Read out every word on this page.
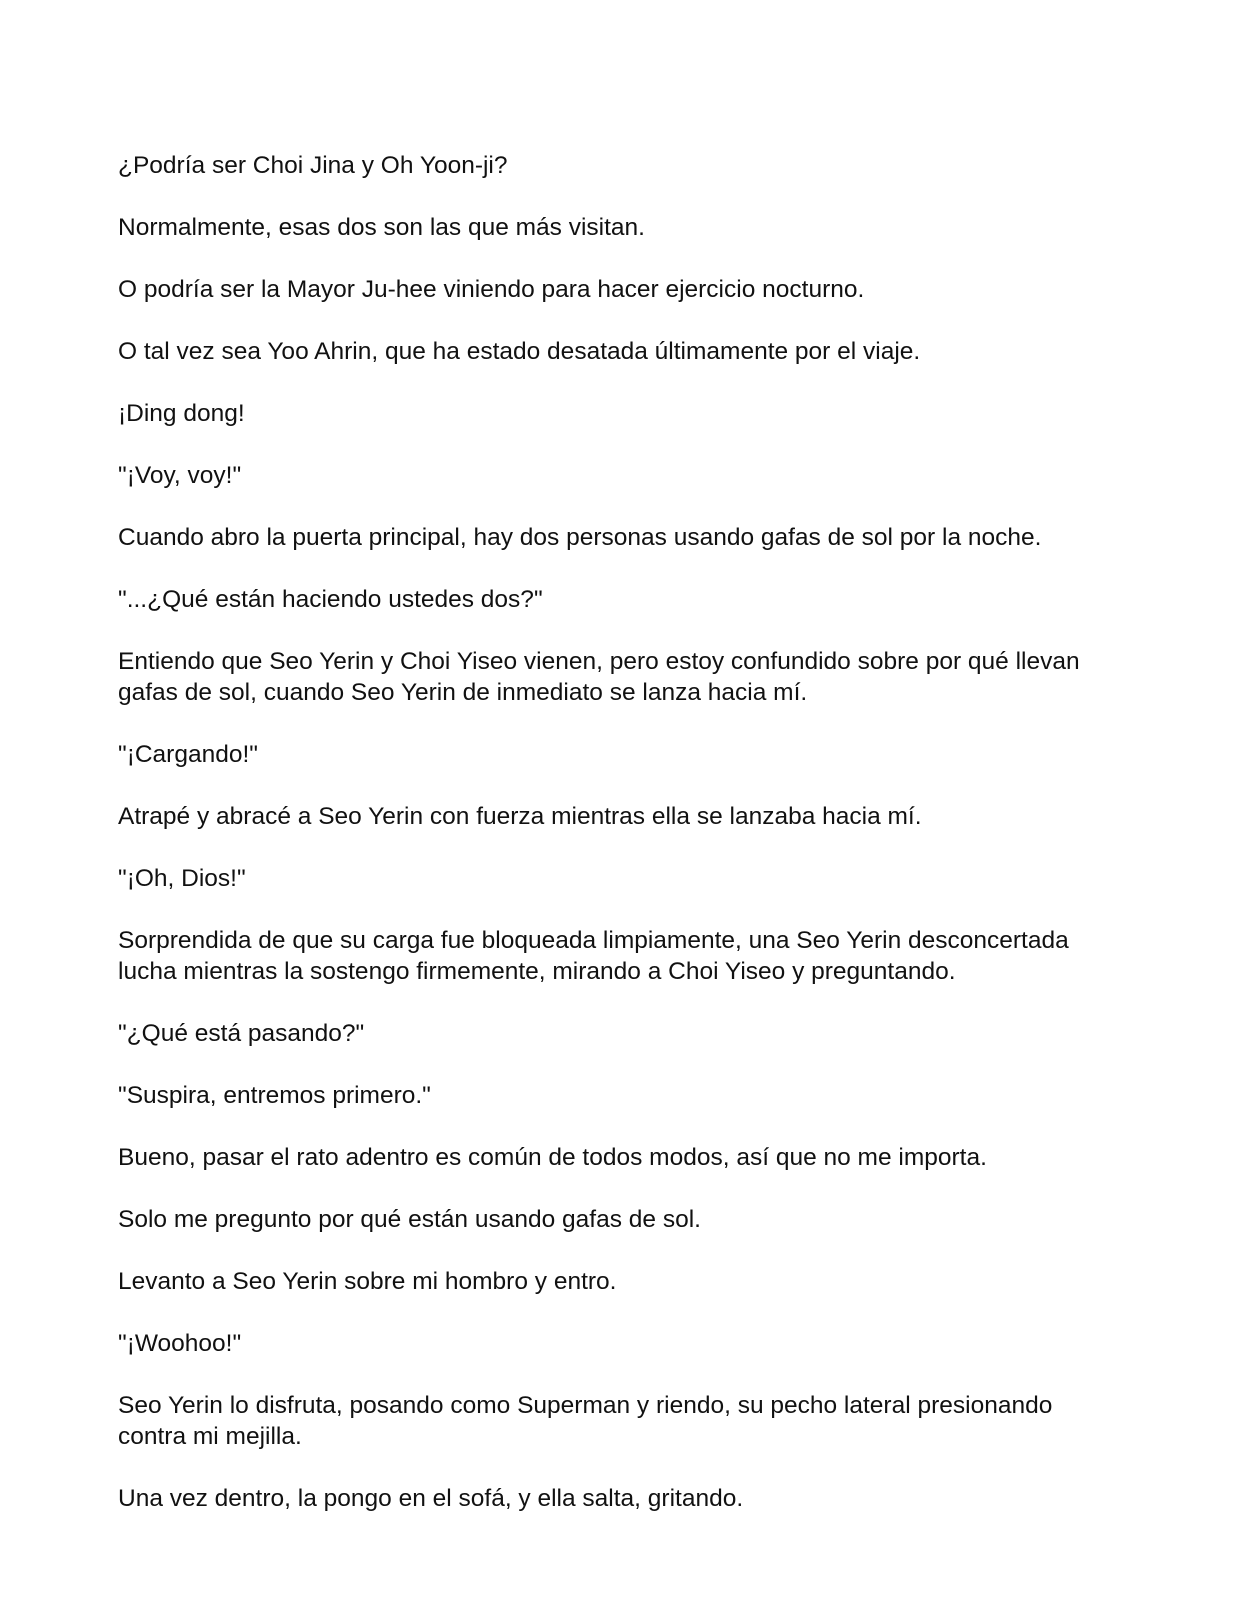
¿Podría ser Choi Jina y Oh Yoon-ji?

Normalmente, esas dos son las que más visitan.

O podría ser la Mayor Ju-hee viniendo para hacer ejercicio nocturno.

O tal vez sea Yoo Ahrin, que ha estado desatada últimamente por el viaje.

¡Ding dong!

"¡Voy, voy!"

Cuando abro la puerta principal, hay dos personas usando gafas de sol por la noche.

"...¿Qué están haciendo ustedes dos?"

Entiendo que Seo Yerin y Choi Yiseo vienen, pero estoy confundido sobre por qué llevan gafas de sol, cuando Seo Yerin de inmediato se lanza hacia mí.

"¡Cargando!"

Atrapé y abracé a Seo Yerin con fuerza mientras ella se lanzaba hacia mí.

"¡Oh, Dios!"

Sorprendida de que su carga fue bloqueada limpiamente, una Seo Yerin desconcertada lucha mientras la sostengo firmemente, mirando a Choi Yiseo y preguntando.

"¿Qué está pasando?"

"Suspira, entremos primero."

Bueno, pasar el rato adentro es común de todos modos, así que no me importa.

Solo me pregunto por qué están usando gafas de sol.

Levanto a Seo Yerin sobre mi hombro y entro.

"¡Woohoo!"

Seo Yerin lo disfruta, posando como Superman y riendo, su pecho lateral presionando contra mi mejilla.

Una vez dentro, la pongo en el sofá, y ella salta, gritando.
